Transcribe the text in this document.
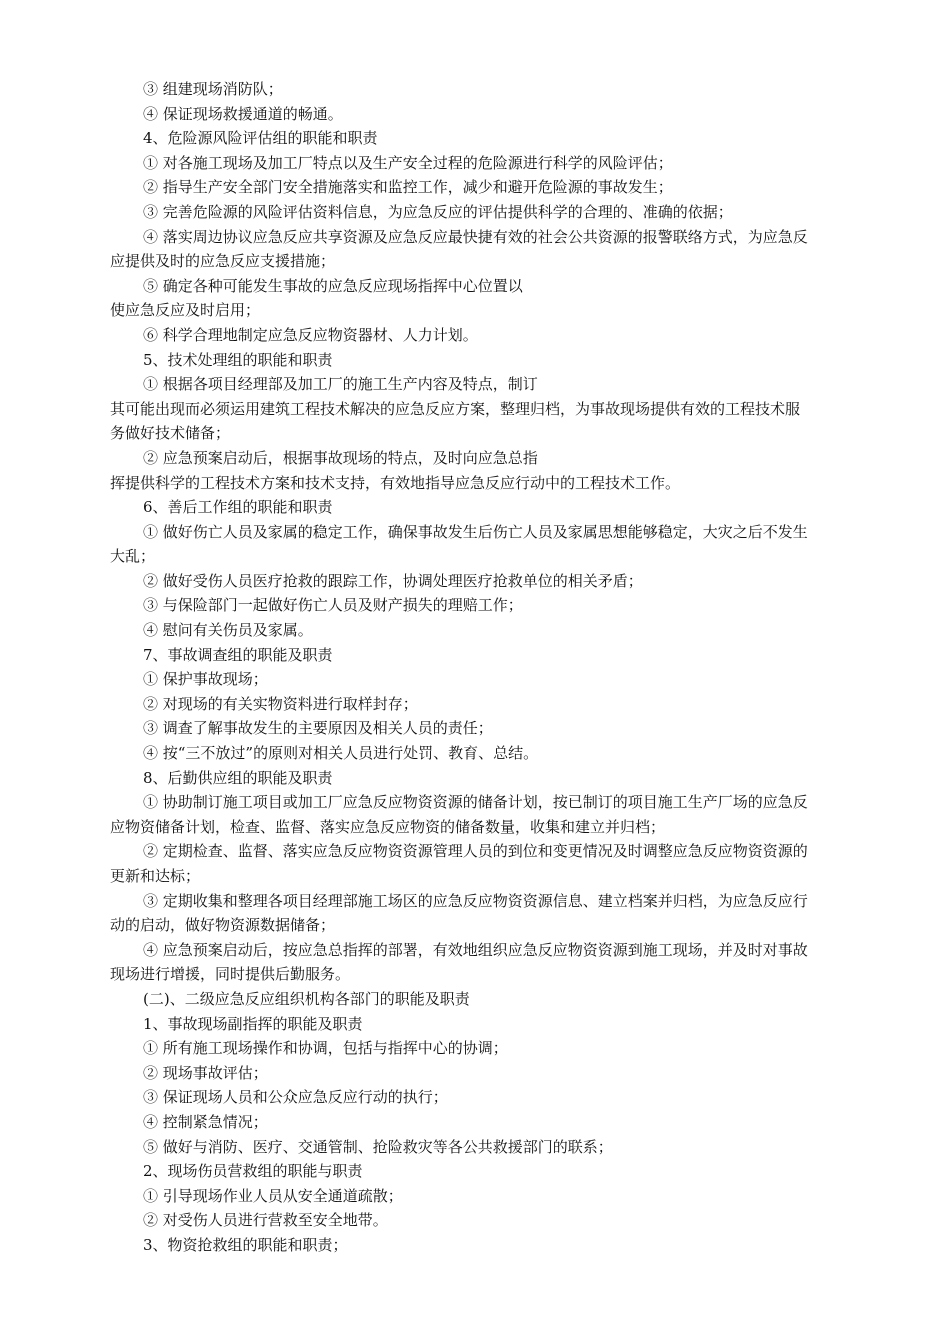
③ 组建现场消防队；
④ 保证现场救援通道的畅通。
4、危险源风险评估组的职能和职责
① 对各施工现场及加工厂特点以及生产安全过程的危险源进行科学的风险评估；
② 指导生产安全部门安全措施落实和监控工作，减少和避开危险源的事故发生；
③ 完善危险源的风险评估资料信息，为应急反应的评估提供科学的合理的、准确的依据；
④ 落实周边协议应急反应共享资源及应急反应最快捷有效的社会公共资源的报警联络方式，为应急反
应提供及时的应急反应支援措施；
⑤ 确定各种可能发生事故的应急反应现场指挥中心位置以
使应急反应及时启用；
⑥ 科学合理地制定应急反应物资器材、人力计划。
5、技术处理组的职能和职责
① 根据各项目经理部及加工厂的施工生产内容及特点，制订
其可能出现而必须运用建筑工程技术解决的应急反应方案，整理归档，为事故现场提供有效的工程技术服
务做好技术储备；
② 应急预案启动后，根据事故现场的特点，及时向应急总指
挥提供科学的工程技术方案和技术支持，有效地指导应急反应行动中的工程技术工作。
6、善后工作组的职能和职责
① 做好伤亡人员及家属的稳定工作，确保事故发生后伤亡人员及家属思想能够稳定，大灾之后不发生
大乱；
② 做好受伤人员医疗抢救的跟踪工作，协调处理医疗抢救单位的相关矛盾；
③ 与保险部门一起做好伤亡人员及财产损失的理赔工作；
④ 慰问有关伤员及家属。
7、事故调查组的职能及职责
① 保护事故现场；
② 对现场的有关实物资料进行取样封存；
③ 调查了解事故发生的主要原因及相关人员的责任；
④ 按“三不放过”的原则对相关人员进行处罚、教育、总结。
8、后勤供应组的职能及职责
① 协助制订施工项目或加工厂应急反应物资资源的储备计划，按已制订的项目施工生产厂场的应急反
应物资储备计划，检查、监督、落实应急反应物资的储备数量，收集和建立并归档；
② 定期检查、监督、落实应急反应物资资源管理人员的到位和变更情况及时调整应急反应物资资源的
更新和达标；
③ 定期收集和整理各项目经理部施工场区的应急反应物资资源信息、建立档案并归档，为应急反应行
动的启动，做好物资源数据储备；
④ 应急预案启动后，按应急总指挥的部署，有效地组织应急反应物资资源到施工现场，并及时对事故
现场进行增援，同时提供后勤服务。
(二)、二级应急反应组织机构各部门的职能及职责
1、事故现场副指挥的职能及职责
① 所有施工现场操作和协调，包括与指挥中心的协调；
② 现场事故评估；
③ 保证现场人员和公众应急反应行动的执行；
④ 控制紧急情况；
⑤ 做好与消防、医疗、交通管制、抢险救灾等各公共救援部门的联系；
2、现场伤员营救组的职能与职责
① 引导现场作业人员从安全通道疏散；
② 对受伤人员进行营救至安全地带。
3、物资抢救组的职能和职责；
